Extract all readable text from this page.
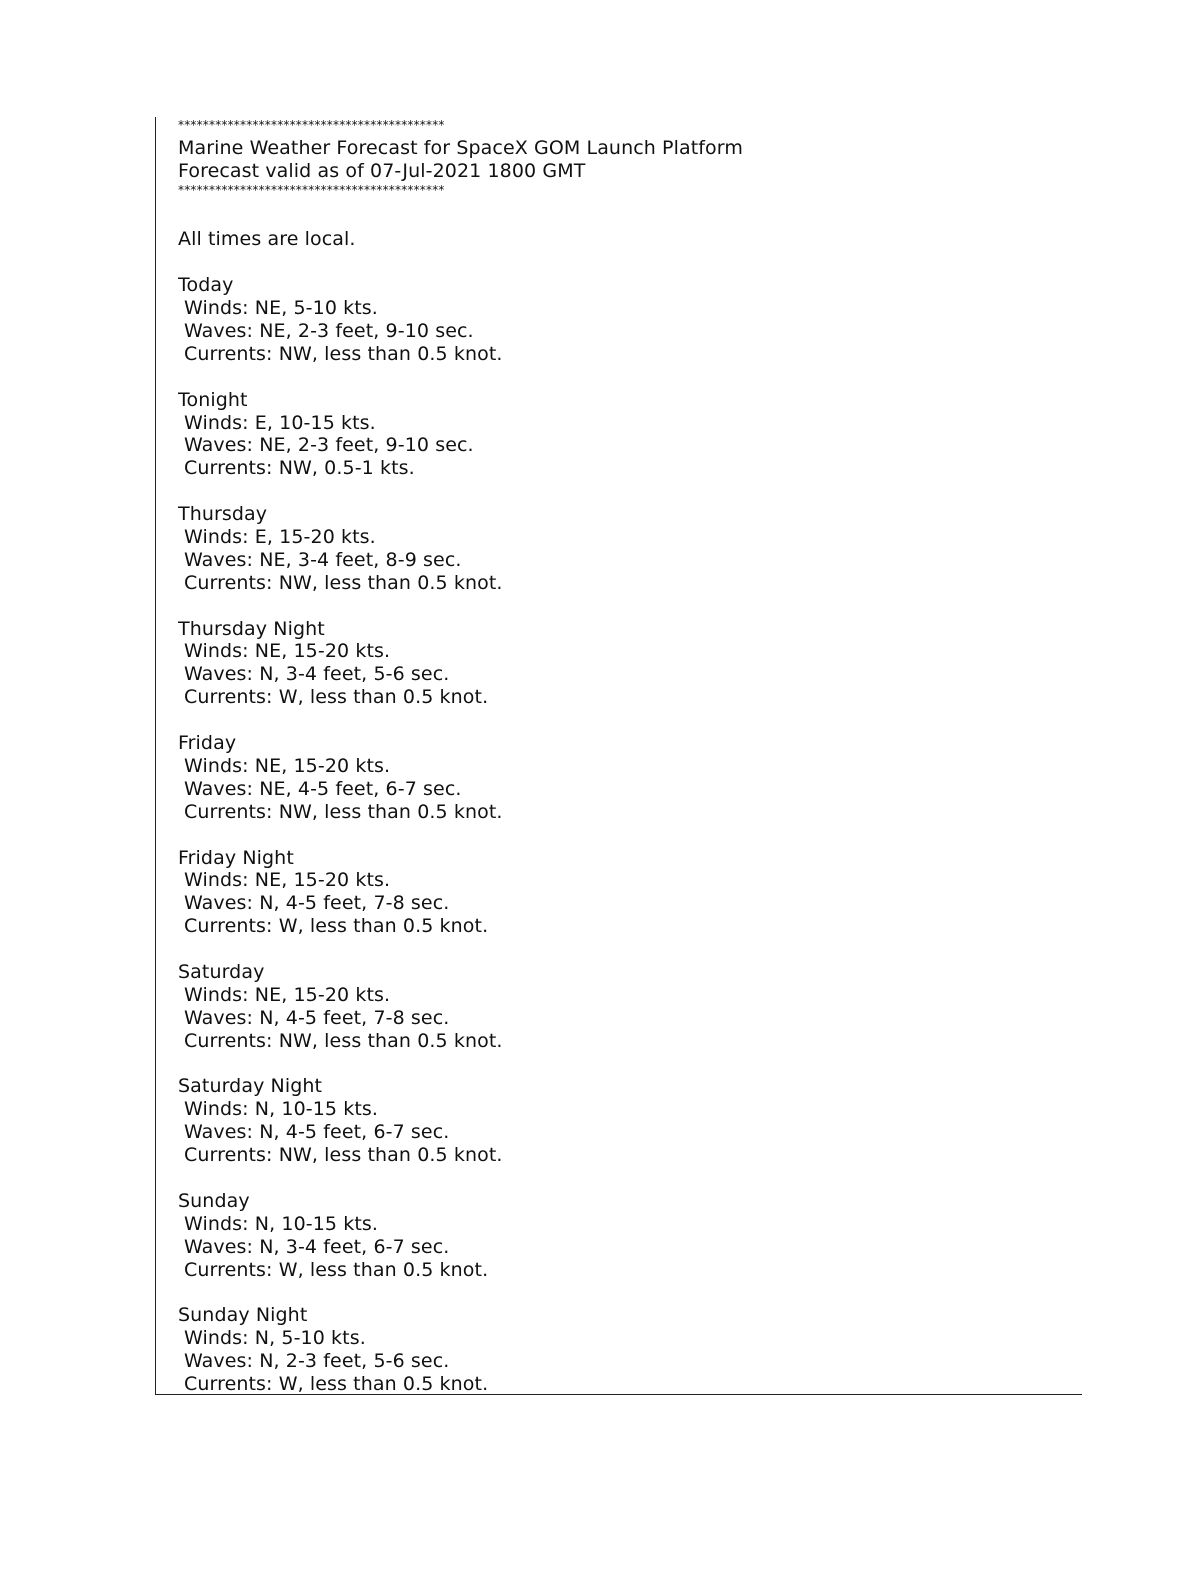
*******************************************
Marine Weather Forecast for SpaceX GOM Launch Platform
Forecast valid as of 07-Jul-2021 1800 GMT
*******************************************
All times are local.
Today
Winds: NE, 5-10 kts.
Waves: NE, 2-3 feet, 9-10 sec.
Currents: NW, less than 0.5 knot.
Tonight
Winds: E, 10-15 kts.
Waves: NE, 2-3 feet, 9-10 sec.
Currents: NW, 0.5-1 kts.
Thursday
Winds: E, 15-20 kts.
Waves: NE, 3-4 feet, 8-9 sec.
Currents: NW, less than 0.5 knot.
Thursday Night
Winds: NE, 15-20 kts.
Waves: N, 3-4 feet, 5-6 sec.
Currents: W, less than 0.5 knot.
Friday
Winds: NE, 15-20 kts.
Waves: NE, 4-5 feet, 6-7 sec.
Currents: NW, less than 0.5 knot.
Friday Night
Winds: NE, 15-20 kts.
Waves: N, 4-5 feet, 7-8 sec.
Currents: W, less than 0.5 knot.
Saturday
Winds: NE, 15-20 kts.
Waves: N, 4-5 feet, 7-8 sec.
Currents: NW, less than 0.5 knot.
Saturday Night
Winds: N, 10-15 kts.
Waves: N, 4-5 feet, 6-7 sec.
Currents: NW, less than 0.5 knot.
Sunday
Winds: N, 10-15 kts.
Waves: N, 3-4 feet, 6-7 sec.
Currents: W, less than 0.5 knot.
Sunday Night
Winds: N, 5-10 kts.
Waves: N, 2-3 feet, 5-6 sec.
Currents: W, less than 0.5 knot.
